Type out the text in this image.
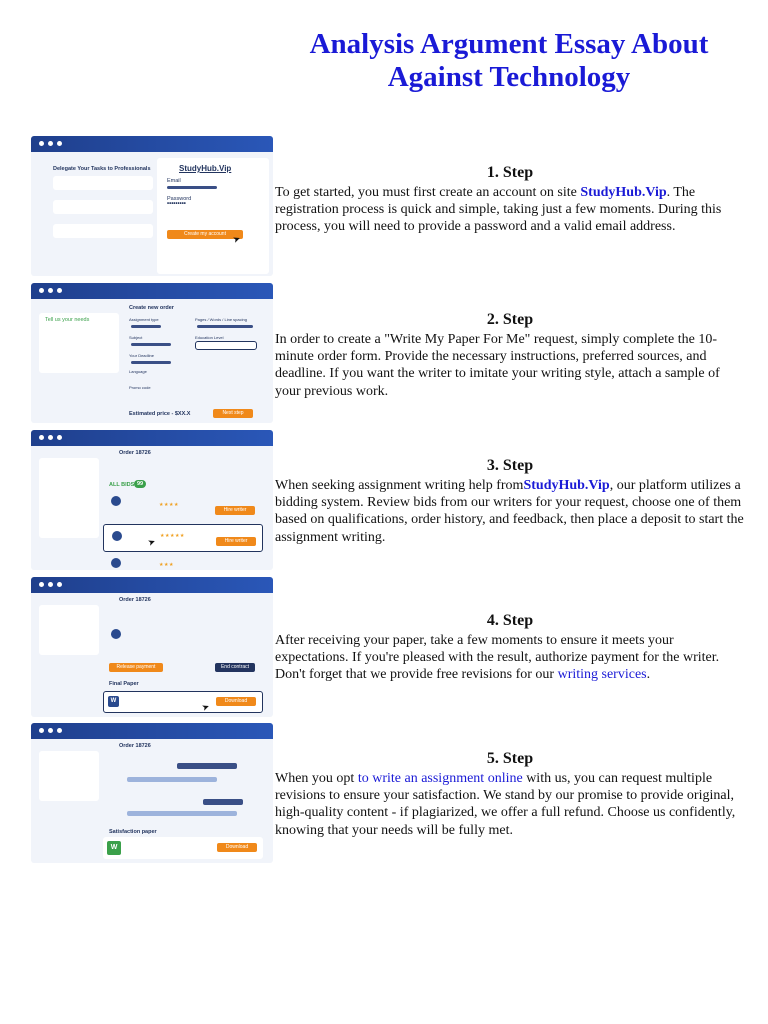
Analysis Argument Essay About Against Technology
Delegate Your Tasks to Professionals	StudyHub.Vip
Email
Password
•••••••••
Create my account ➤
Tell us your needs
Create new order
Assignment type	Pages / Words / Line spacing
Subject	Education Level
Your Deadline
Language
Promo code
Estimated price - $XX.X	Next step
Order 18726
ALL BIDS 99
★★★★
Hire writer
★★★★★
Hire writer
➤
★★★
Order 18726
Release payment	End contract
Final Paper
W	Download
➤
Order 18726
Satisfaction paper
W	Download
1. Step

To get started, you must first create an account on site StudyHub.Vip. The registration process is quick and simple, taking just a few moments. During this process, you will need to provide a password and a valid email address.

2. Step

In order to create a "Write My Paper For Me" request, simply complete the 10-minute order form. Provide the necessary instructions, preferred sources, and deadline. If you want the writer to imitate your writing style, attach a sample of your previous work.

3. Step

When seeking assignment writing help fromStudyHub.Vip, our platform utilizes a bidding system. Review bids from our writers for your request, choose one of them based on qualifications, order history, and feedback, then place a deposit to start the assignment writing.

4. Step

After receiving your paper, take a few moments to ensure it meets your expectations. If you're pleased with the result, authorize payment for the writer. Don't forget that we provide free revisions for our writing services.

5. Step

When you opt to write an assignment online with us, you can request multiple revisions to ensure your satisfaction. We stand by our promise to provide original, high-quality content - if plagiarized, we offer a full refund. Choose us confidently, knowing that your needs will be fully met.
